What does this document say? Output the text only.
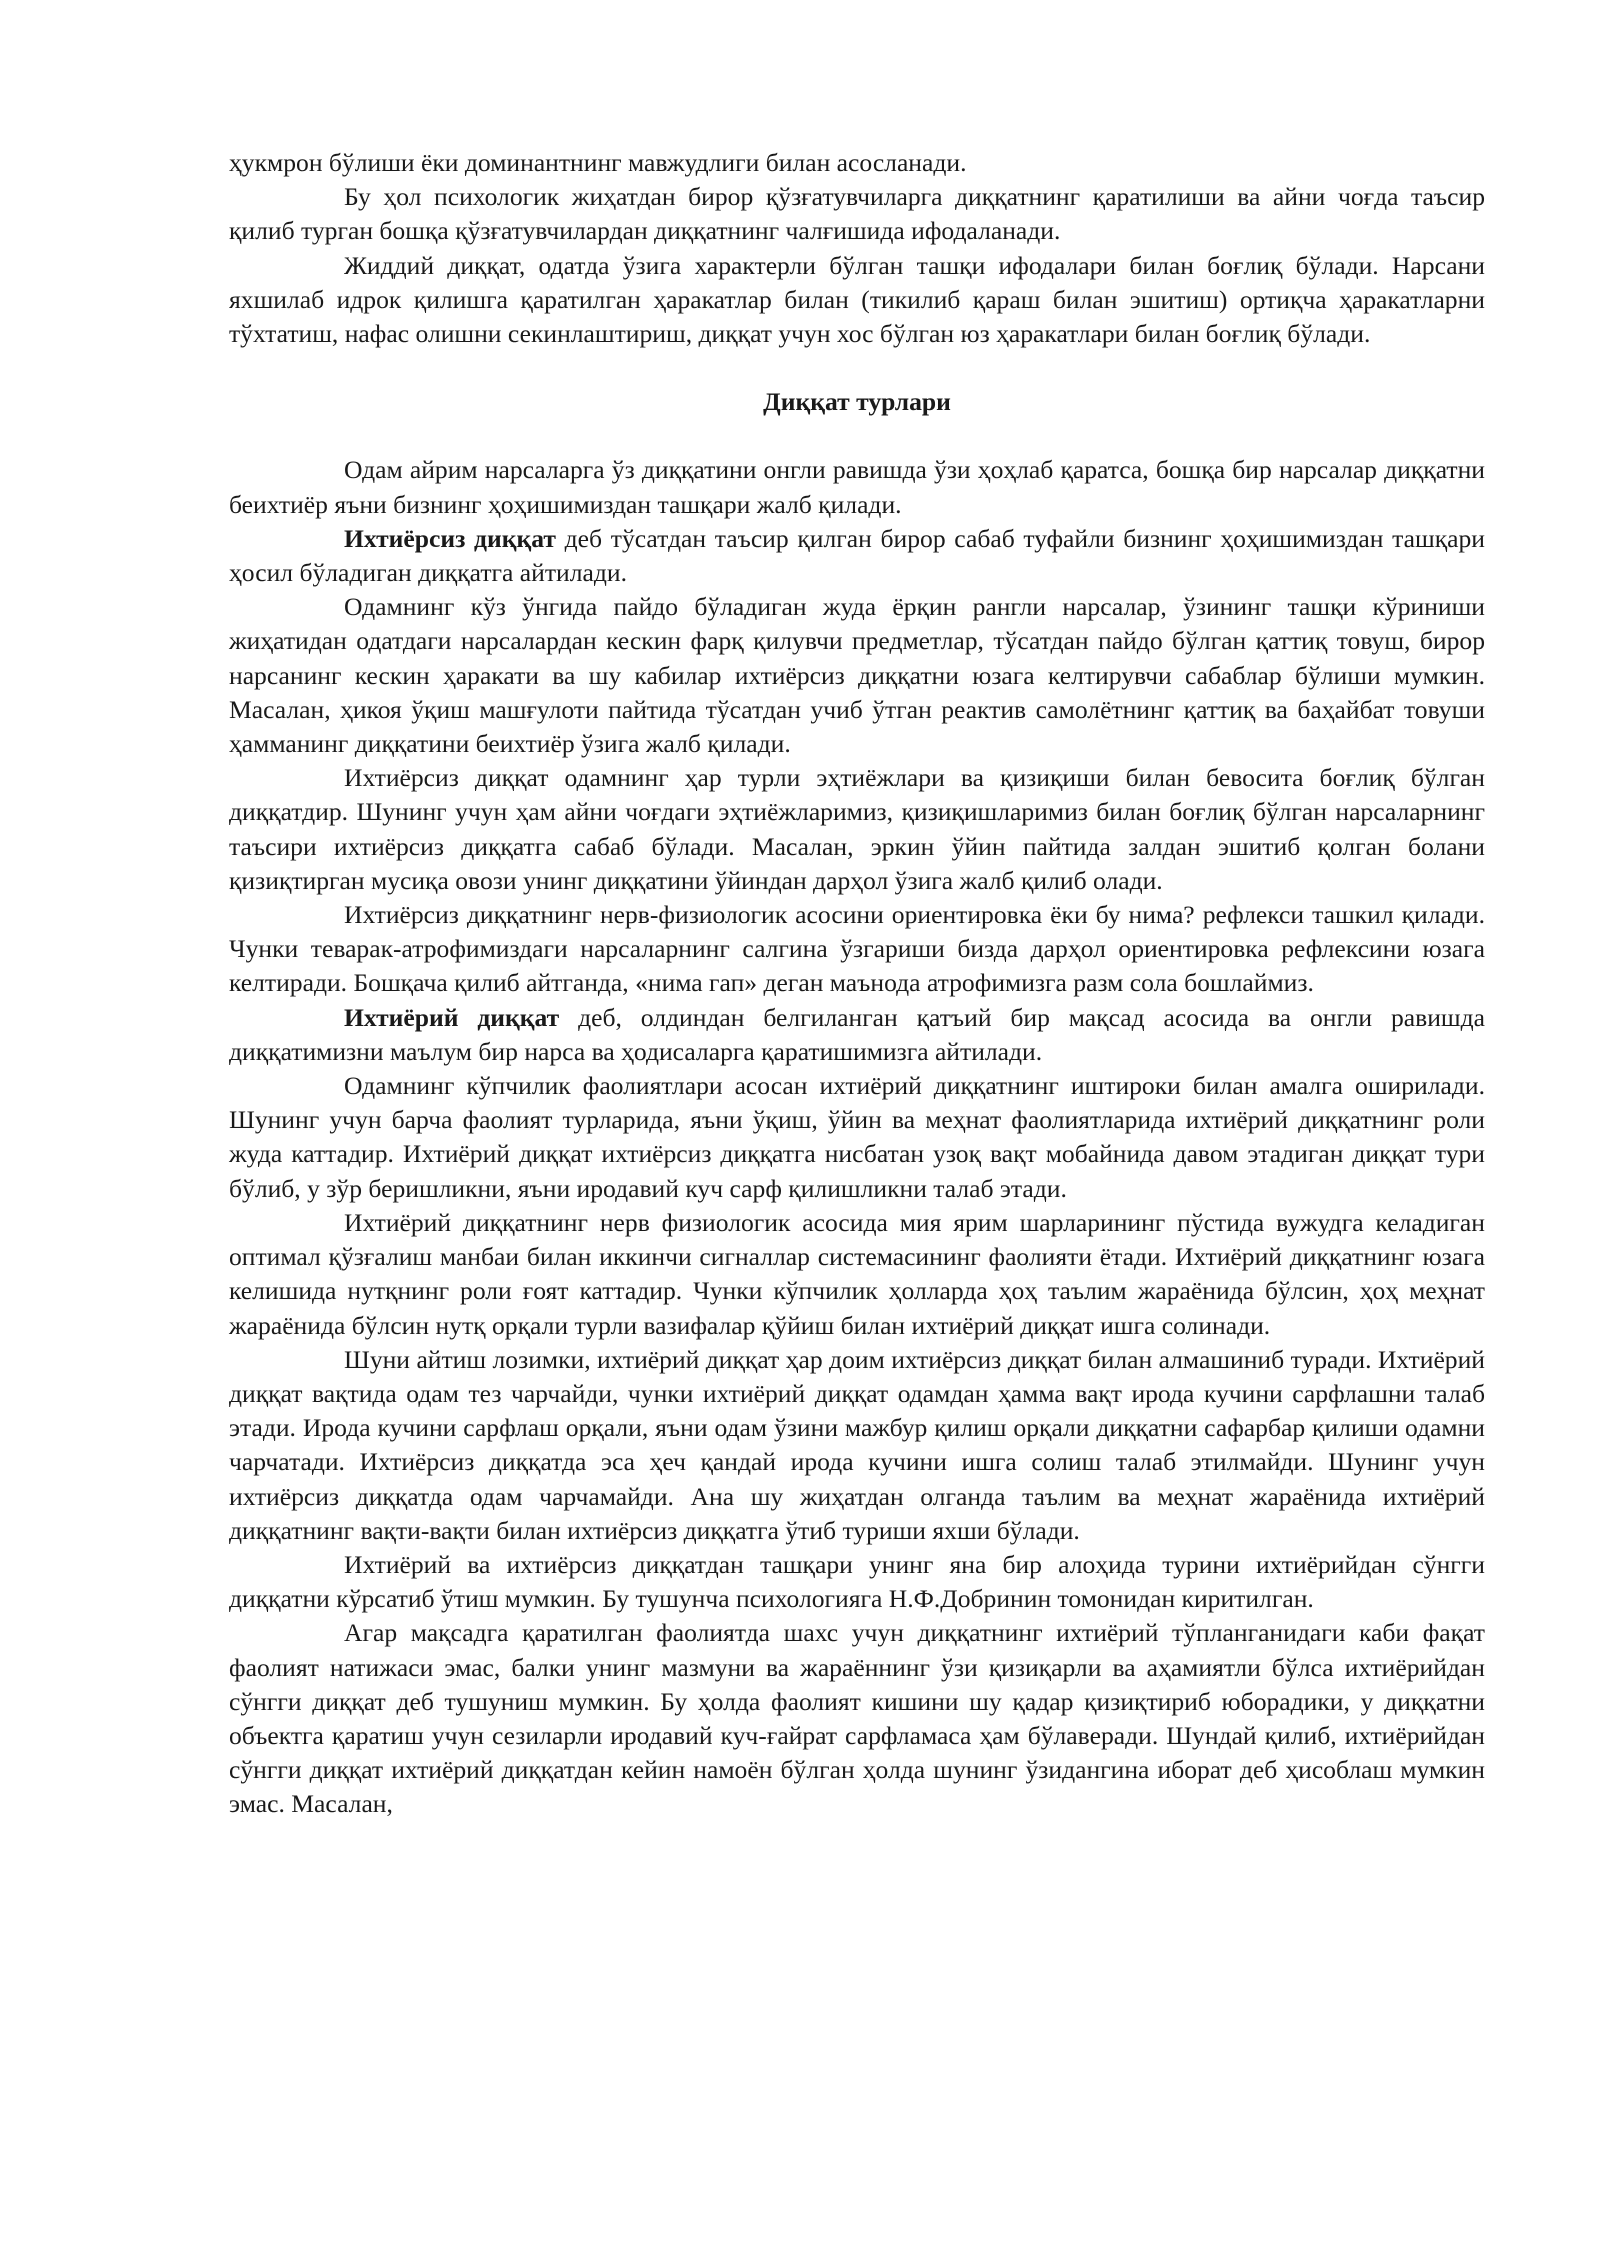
ҳукмрон бўлиши ёки доминантнинг мавжудлиги билан асосланади.

Бу ҳол психологик жиҳатдан бирор қўзғатувчиларга диққатнинг қаратилиши ва айни чоғда таъсир қилиб турган бошқа қўзғатувчилардан диққатнинг чалғишида ифодаланади.

Жиддий диққат, одатда ўзига характерли бўлган ташқи ифодалари билан боғлиқ бўлади. Нарсани яхшилаб идрок қилишга қаратилган ҳаракатлар билан (тикилиб қараш билан эшитиш) ортиқча ҳаракатларни тўхтатиш, нафас олишни секинлаштириш, диққат учун хос бўлган юз ҳаракатлари билан боғлиқ бўлади.

Диққат турлари

Одам айрим нарсаларга ўз диққатини онгли равишда ўзи ҳоҳлаб қаратса, бошқа бир нарсалар диққатни беихтиёр яъни бизнинг ҳоҳишимиздан ташқари жалб қилади.

Ихтиёрсиз диққат деб тўсатдан таъсир қилган бирор сабаб туфайли бизнинг ҳоҳишимиздан ташқари ҳосил бўладиган диққатга айтилади.

Одамнинг кўз ўнгида пайдо бўладиган жуда ёрқин рангли нарсалар, ўзининг ташқи кўриниши жиҳатидан одатдаги нарсалардан кескин фарқ қилувчи предметлар, тўсатдан пайдо бўлган қаттиқ товуш, бирор нарсанинг кескин ҳаракати ва шу кабилар ихтиёрсиз диққатни юзага келтирувчи сабаблар бўлиши мумкин. Масалан, ҳикоя ўқиш машғулоти пайтида тўсатдан учиб ўтган реактив самолётнинг қаттиқ ва баҳайбат товуши ҳамманинг диққатини беихтиёр ўзига жалб қилади.

Ихтиёрсиз диққат одамнинг ҳар турли эҳтиёжлари ва қизиқиши билан бевосита боғлиқ бўлган диққатдир. Шунинг учун ҳам айни чоғдаги эҳтиёжларимиз, қизиқишларимиз билан боғлиқ бўлган нарсаларнинг таъсири ихтиёрсиз диққатга сабаб бўлади. Масалан, эркин ўйин пайтида залдан эшитиб қолган болани қизиқтирган мусиқа овози унинг диққатини ўйиндан дарҳол ўзига жалб қилиб олади.

Ихтиёрсиз диққатнинг нерв-физиологик асосини ориентировка ёки бу нима? рефлекси ташкил қилади. Чунки теварак-атрофимиздаги нарсаларнинг салгина ўзгариши бизда дарҳол ориентировка рефлексини юзага келтиради. Бошқача қилиб айтганда, «нима гап» деган маънода атрофимизга разм сола бошлаймиз.

Ихтиёрий диққат деб, олдиндан белгиланган қатъий бир мақсад асосида ва онгли равишда диққатимизни маълум бир нарса ва ҳодисаларга қаратишимизга айтилади.

Одамнинг кўпчилик фаолиятлари асосан ихтиёрий диққатнинг иштироки билан амалга оширилади. Шунинг учун барча фаолият турларида, яъни ўқиш, ўйин ва меҳнат фаолиятларида ихтиёрий диққатнинг роли жуда каттадир. Ихтиёрий диққат ихтиёрсиз диққатга нисбатан узоқ вақт мобайнида давом этадиган диққат тури бўлиб, у зўр беришликни, яъни иродавий куч сарф қилишликни талаб этади.

Ихтиёрий диққатнинг нерв физиологик асосида мия ярим шарларининг пўстида вужудга келадиган оптимал қўзғалиш манбаи билан иккинчи сигналлар системасининг фаолияти ётади. Ихтиёрий диққатнинг юзага келишида нутқнинг роли ғоят каттадир. Чунки кўпчилик ҳолларда ҳоҳ таълим жараёнида бўлсин, ҳоҳ меҳнат жараёнида бўлсин нутқ орқали турли вазифалар қўйиш билан ихтиёрий диққат ишга солинади.

Шуни айтиш лозимки, ихтиёрий диққат ҳар доим ихтиёрсиз диққат билан алмашиниб туради. Ихтиёрий диққат вақтида одам тез чарчайди, чунки ихтиёрий диққат одамдан ҳамма вақт ирода кучини сарфлашни талаб этади. Ирода кучини сарфлаш орқали, яъни одам ўзини мажбур қилиш орқали диққатни сафарбар қилиши одамни чарчатади. Ихтиёрсиз диққатда эса ҳеч қандай ирода кучини ишга солиш талаб этилмайди. Шунинг учун ихтиёрсиз диққатда одам чарчамайди. Ана шу жиҳатдан олганда таълим ва меҳнат жараёнида ихтиёрий диққатнинг вақти-вақти билан ихтиёрсиз диққатга ўтиб туриши яхши бўлади.

Ихтиёрий ва ихтиёрсиз диққатдан ташқари унинг яна бир алоҳида турини ихтиёрийдан сўнгги диққатни кўрсатиб ўтиш мумкин. Бу тушунча психологияга Н.Ф.Добринин томонидан киритилган.

Агар мақсадга қаратилган фаолиятда шахс учун диққатнинг ихтиёрий тўпланганидаги каби фақат фаолият натижаси эмас, балки унинг мазмуни ва жараённинг ўзи қизиқарли ва аҳамиятли бўлса ихтиёрийдан сўнгги диққат деб тушуниш мумкин. Бу ҳолда фаолият кишини шу қадар қизиқтириб юборадики, у диққатни объектга қаратиш учун сезиларли иродавий куч-ғайрат сарфламаса ҳам бўлаверади. Шундай қилиб, ихтиёрийдан сўнгги диққат ихтиёрий диққатдан кейин намоён бўлган ҳолда шунинг ўзидангина иборат деб ҳисоблаш мумкин эмас. Масалан,
